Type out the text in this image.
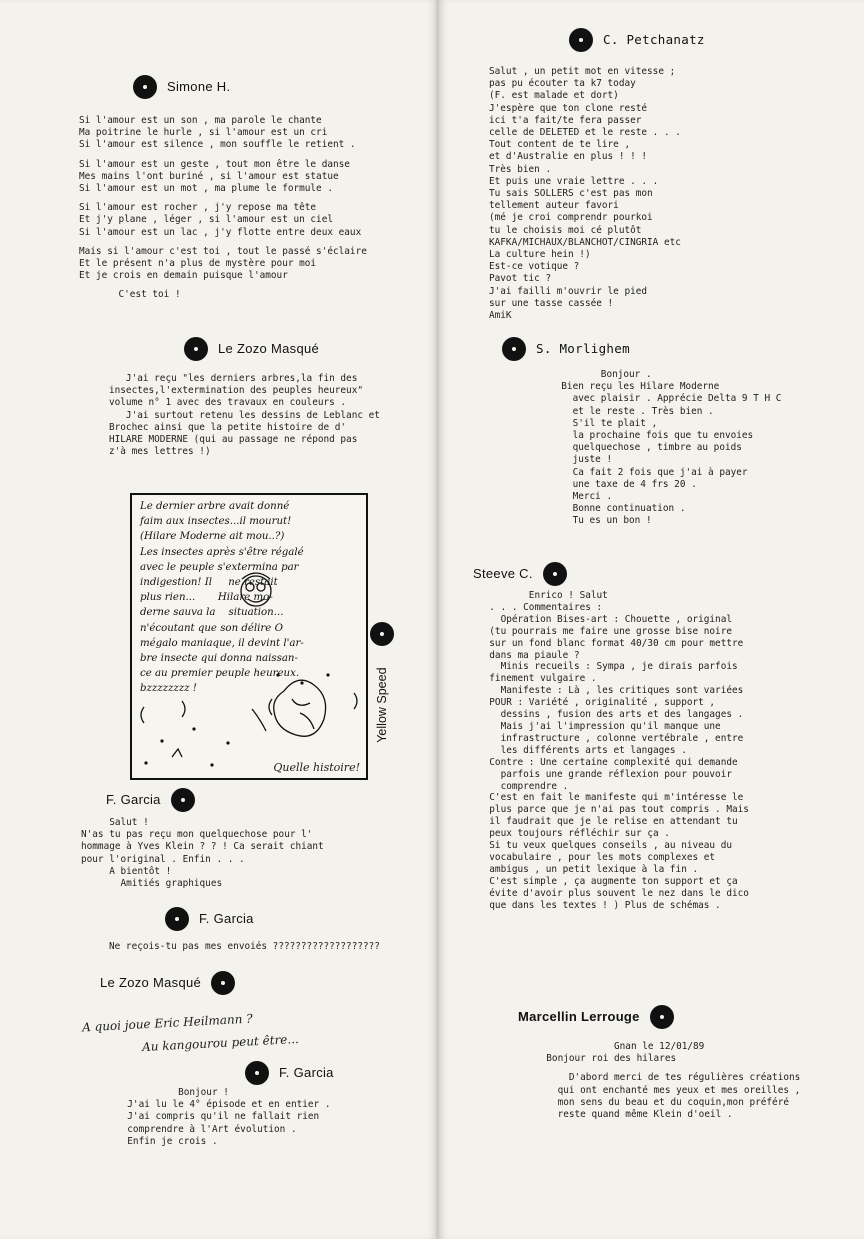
Simone H.

Si l'amour est un son , ma parole le chante

Ma poitrine le hurle , si l'amour est un cri

Si l'amour est silence , mon souffle le retient .

Si l'amour est un geste , tout mon être le danse

Mes mains l'ont buriné , si l'amour est statue

Si l'amour est un mot , ma plume le formule .

Si l'amour est rocher , j'y repose ma tête

Et j'y plane , léger , si l'amour est un ciel

Si l'amour est un lac , j'y flotte entre deux eaux

Mais si l'amour c'est toi , tout le passé s'éclaire

Et le présent n'a plus de mystère pour moi

Et je crois en demain puisque l'amour

C'est toi !

Le Zozo Masqué

J'ai reçu "les derniers arbres,la fin des

insectes,l'extermination des peuples heureux"

volume n° 1 avec des travaux en couleurs .

J'ai surtout retenu les dessins de Leblanc et

Brochec ainsi que la petite histoire de d'

HILARE MODERNE (qui au passage ne répond pas

z'à mes lettres !)

Le dernier arbre avait donné

faim aux insectes...il mourut!

(Hilare Moderne ait mou..?)

Les insectes après s'être régalé

avec le peuple s'extermina par

indigestion! Il     ne restait

plus rien...       Hilare mo-

derne sauva la    situation...

n'écoutant que son délire O

mégalo maniaque, il devint l'ar-

bre insecte qui donna naissan-

ce au premier peuple heureux.

bzzzzzzzz !

Quelle histoire!
Yellow Speed
F. Garcia

Salut !

N'as tu pas reçu mon quelquechose pour l'

hommage à Yves Klein ? ? ! Ca serait chiant

pour l'original . Enfin . . .

A bientôt !

Amitiés graphiques

F. Garcia

Ne reçois-tu pas mes envoiés ???????????????????

Le Zozo Masqué
A quoi joue Eric Heilmann ?
Au kangourou peut être...
F. Garcia

Bonjour !

J'ai lu le 4° épisode et en entier .

J'ai compris qu'il ne fallait rien

comprendre à l'Art évolution .

Enfin je crois .

C. Petchanatz

Salut , un petit mot en vitesse ;

pas pu écouter ta k7 today

(F. est malade et dort)

J'espère que ton clone resté

ici t'a fait/te fera passer

celle de DELETED et le reste . . .

Tout content de te lire ,

et d'Australie en plus ! ! !

Très bien .

Et puis une vraie lettre . . .

Tu sais SOLLERS c'est pas mon

tellement auteur favori

(mé je croi comprendr pourkoi

tu le choisis moi cé plutôt

KAFKA/MICHAUX/BLANCHOT/CINGRIA etc

La culture hein !)

Est-ce votique ?

Pavot tic ?

J'ai failli m'ouvrir le pied

sur une tasse cassée !

AmiK

S. Morlighem

Bonjour .

Bien reçu les Hilare Moderne

avec plaisir . Apprécie Delta 9 T H C

et le reste . Très bien .

S'il te plait ,

la prochaine fois que tu envoies

quelquechose , timbre au poids

juste !

Ca fait 2 fois que j'ai à payer

une taxe de 4 frs 20 .

Merci .

Bonne continuation .

Tu es un bon !

Steeve C.

Enrico ! Salut

. . . Commentaires :

Opération Bises-art : Chouette , original

(tu pourrais me faire une grosse bise noire

sur un fond blanc format 40/30 cm pour mettre

dans ma piaule ?

Minis recueils : Sympa , je dirais parfois

finement vulgaire .

Manifeste : Là , les critiques sont variées

POUR : Variété , originalité , support ,

dessins , fusion des arts et des langages .

Mais j'ai l'impression qu'il manque une

infrastructure , colonne vertébrale , entre

les différents arts et langages .

Contre : Une certaine complexité qui demande

parfois une grande réflexion pour pouvoir

comprendre .

C'est en fait le manifeste qui m'intéresse le

plus parce que je n'ai pas tout compris . Mais

il faudrait que je le relise en attendant tu

peux toujours réfléchir sur ça .

Si tu veux quelques conseils , au niveau du

vocabulaire , pour les mots complexes et

ambigus , un petit lexique à la fin .

C'est simple , ça augmente ton support et ça

évite d'avoir plus souvent le nez dans le dico

que dans les textes ! ) Plus de schémas .

Marcellin Lerrouge

Gnan le 12/01/89

Bonjour roi des hilares

D'abord merci de tes régulières créations

qui ont enchanté mes yeux et mes oreilles ,

mon sens du beau et du coquin,mon préféré

reste quand même Klein d'oeil .
